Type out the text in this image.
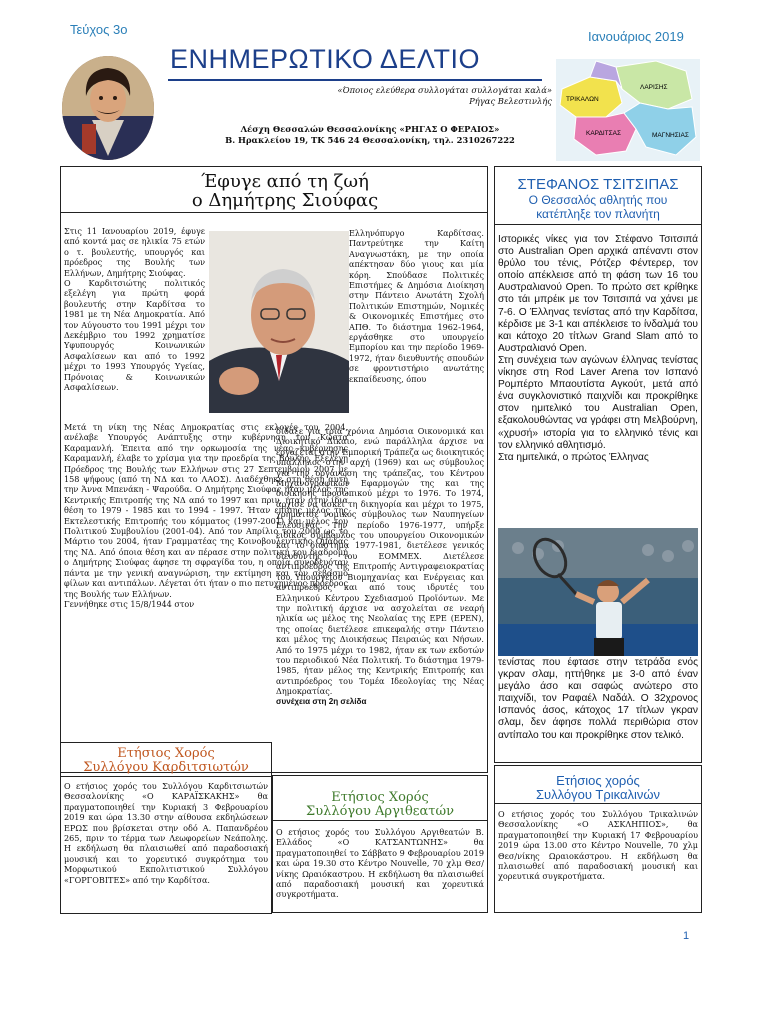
Τεύχος 3ο	Ιανουάριος 2019
ΕΝΗΜΕΡΩΤΙΚΟ ΔΕΛΤΙΟ
«Όποιος ελεύθερα συλλογάται συλλογάται καλά»
Ρήγας Βελεστινλής
Λέσχη Θεσσαλών Θεσσαλονίκης «ΡΗΓΑΣ Ο ΦΕΡΑΙΟΣ»
Β. Ηρακλείου 19, ΤΚ 546 24 Θεσσαλονίκη, τηλ. 2310267222
ΛΑΡΙΣΗΣ
ΤΡΙΚΑΛΩΝ
ΚΑΡΔΙΤΣΑΣ	ΜΑΓΝΗΣΙΑΣ
Έφυγε από τη ζωή
ο Δημήτρης Σιούφας

Στις 11 Ιανουαρίου 2019, έφυγε από κοντά μας σε ηλικία 75 ετών ο τ. βουλευτής, υπουργός και πρόεδρος της Βουλής των Ελλήνων, Δημήτρης Σιούφας.

Ο Καρδιτσιώτης πολιτικός εξελέγη για πρώτη φορά βουλευτής στην Καρδίτσα το 1981 με τη Νέα Δημοκρατία. Από τον Αύγουστο του 1991 μέχρι τον Δεκέμβριο του 1992 χρηματίσε Υφυπουργός Κοινωνικών Ασφαλίσεων και από το 1992 μέχρι το 1993 Υπουργός Υγείας, Πρόνοιας & Κοινωνικών Ασφαλίσεων.

Μετά τη νίκη της Νέας Δημοκρατίας στις εκλογές του 2004, ανέλαβε Υπουργός Ανάπτυξης στην κυβέρνηση του Κώστα Καραμανλή. Έπειτα από την ορκωμοσία της νέας κυβέρνησης Καραμανλή, έλαβε το χρίσμα για την προεδρία της Βουλής. Εξελέγη Πρόεδρος της Βουλής των Ελλήνων στις 27 Σεπτεμβρίου 2007 με 158 ψήφους (από τη ΝΔ και το ΛΑΟΣ). Διαδέχθηκε στη θέση αυτή την Άννα Μπενάκη - Ψαρούδα. Ο Δημήτρης Σιούφας ήταν μέλος της Κεντρικής Επιτροπής της ΝΔ από το 1997 και πριν, ήταν στην ίδια θέση το 1979 - 1985 και το 1994 - 1997. Ήταν επίσης μέλος της Εκτελεστικής Επιτροπής του κόμματος (1997-2001) και μέλος του Πολιτικού Συμβουλίου (2001-04). Από τον Απρίλιο του 2000 ως το Μάρτιο του 2004, ήταν Γραμματέας της Κοινοβουλευτικής Ομάδας της ΝΔ. Από όποια θέση και αν πέρασε στην πολιτική του διαδρομή ο Δημήτρης Σιούφας άφησε τη σφραγίδα του, η οποία συνοδευόταν πάντα με την γενική αναγνώριση, την εκτίμηση και τον σεβασμό φίλων και αντιπάλων. Λέγεται ότι ήταν ο πιο πετυχημένος πρόεδρος της Βουλής των Ελλήνων.

Γεννήθηκε στις 15/8/1944 στον

Ελληνόπυργο Καρδίτσας. Παντρεύτηκε την Καίτη Αναγνωστάκη, με την οποία απέκτησαν δύο γιους και μία κόρη. Σπούδασε Πολιτικές Επιστήμες & Δημόσια Διοίκηση στην Πάντειο Ανωτάτη Σχολή Πολιτικών Επιστημών, Νομικές & Οικονομικές Επιστήμες στο ΑΠΘ. Το διάστημα 1962-1964, εργάσθηκε στο υπουργείο Εμπορίου και την περίοδο 1969-1972, ήταν διευθυντής σπουδών σε φροντιστήριο ανωτάτης εκπαίδευσης, όπου

δίδαξε για τρία χρόνια Δημόσια Οικονομικά και Διοικητικό Δίκαιο, ενώ παράλληλα άρχισε να εργάζεται στην Εμπορική Τράπεζα ως διοικητικός υπάλληλος στην αρχή (1969) και ως σύμβουλος για την οργάνωση της τράπεζας, του Κέντρου Μηχανογραφικών Εφαρμογών της και της διοίκησης προσωπικού μέχρι το 1976. Το 1974, άρχισε να ασκεί τη δικηγορία και μέχρι το 1975, χρημάτισε νομικός σύμβουλος των Ναυπηγείων Ελευσίνας. Την περίοδο 1976-1977, υπήρξε ειδικός σύμβουλος του υπουργείου Οικονομικών και το διάστημα 1977-1981, διετέλεσε γενικός διευθυντής του ΕΟΜΜΕΧ. Διετέλεσε αντιπρόεδρος της Επιτροπής Αντιγραφειοκρατίας του Υπουργείου Βιομηχανίας και Ενέργειας και αντιπρόεδρος και από τους ιδρυτές του Ελληνικού Κέντρου Σχεδιασμού Προϊόντων. Με την πολιτική άρχισε να ασχολείται σε νεαρή ηλικία ως μέλος της Νεολαίας της ΕΡΕ (ΕΡΕΝ), της οποίας διετέλεσε επικεφαλής στην Πάντειο και μέλος της Διοικήσεως Πειραιώς και Νήσων. Από το 1975 μέχρι το 1982, ήταν εκ των εκδοτών του περιοδικού Νέα Πολιτική. Το διάστημα 1979-1985, ήταν μέλος της Κεντρικής Επιτροπής και αντιπρόεδρος του Τομέα Ιδεολογίας της Νέας Δημοκρατίας.

συνέχεια στη 2η σελίδα

ΣΤΕΦΑΝΟΣ ΤΣΙΤΣΙΠΑΣ
Ο Θεσσαλός αθλητής που
κατέπληξε τον πλανήτη

Ιστορικές νίκες για τον Στέφανο Τσιτσιπά στο Australian Open αρχικά απέναντι στον θρύλο του τένις, Ρότζερ Φέντερερ, τον οποίο απέκλεισε από τη φάση των 16 του Αυστραλιανού Open. Το πρώτο σετ κρίθηκε στο τάι μπρέικ με τον Τσιτσιπά να χάνει με 7-6. Ο Έλληνας τενίστας από την Καρδίτσα, κέρδισε με 3-1 και απέκλεισε το ίνδαλμά του και κάτοχο 20 τίτλων Grand Slam από το Αυστραλιανό Open.

Στη συνέχεια των αγώνων έλληνας τενίστας νίκησε στη Rod Laver Arena τον Ισπανό Ρομπέρτο Μπαουτίστα Αγκούτ, μετά από ένα συγκλονιστικό παιχνίδι και προκρίθηκε στον ημιτελικό του Australian Open, εξακολουθώντας να γράφει στη Μελβούρνη, «χρυσή» ιστορία για το ελληνικό τένις και τον ελληνικό αθλητισμό.

Στα ημιτελικά, ο πρώτος Έλληνας

τενίστας που έφτασε στην τετράδα ενός γκραν σλαμ, ηττήθηκε με 3-0 από έναν μεγάλο άσο και σαφώς ανώτερο στο παιχνίδι, τον Ραφαέλ Ναδάλ. Ο 32χρονος Ισπανός άσος, κάτοχος 17 τίτλων γκραν σλαμ, δεν άφησε πολλά περιθώρια στον αντίπαλο του και προκρίθηκε στον τελικό.

Ετήσιος Χορός
Συλλόγου Καρδιτσιωτών
Ο ετήσιος χορός του Συλλόγου Καρδιτσιωτών Θεσσαλονίκης «Ο ΚΑΡΑΪΣΚΑΚΗΣ» θα πραγματοποιηθεί την Κυριακή 3 Φεβρουαρίου 2019 και ώρα 13.30 στην αίθουσα εκδηλώσεων ΕΡΩΣ που βρίσκεται στην οδό Α. Παπανδρέου 265, πριν το τέρμα των Λεωφορείων Νεάπολης. Η εκδήλωση θα πλαισιωθεί από παραδοσιακή μουσική και το χορευτικό συγκρότημα του Μορφωτικού Εκπολιτιστικού Συλλόγου «ΓΟΡΓΟΒΙΤΕΣ» από την Καρδίτσα.
Ετήσιος Χορός
Συλλόγου Αργιθεατών
Ο ετήσιος χορός του Συλλόγου Αργιθεατών Β. Ελλάδος «Ο ΚΑΤΣΑΝΤΩΝΗΣ» θα πραγματοποιηθεί το Σάββατο 9 Φεβρουαρίου 2019 και ώρα 19.30 στο Κέντρο Nouvelle, 70 χλμ Θεσ/νίκης Ωραιόκαστρου. Η εκδήλωση θα πλαισιωθεί από παραδοσιακή μουσική και χορευτικά συγκροτήματα.
Ετήσιος χορός
Συλλόγου Τρικαλινών
Ο ετήσιος χορός του Συλλόγου Τρικαλινών Θεσσαλονίκης «Ο ΑΣΚΛΗΠΙΟΣ», θα πραγματοποιηθεί την Κυριακή 17 Φεβρουαρίου 2019 ώρα 13.00 στο Κέντρο Nouvelle, 70 χλμ Θεσ/νίκης Ωραιοκάστρου. Η εκδήλωση θα πλαισιωθεί από παραδοσιακή μουσική και χορευτικά συγκροτήματα.
1
